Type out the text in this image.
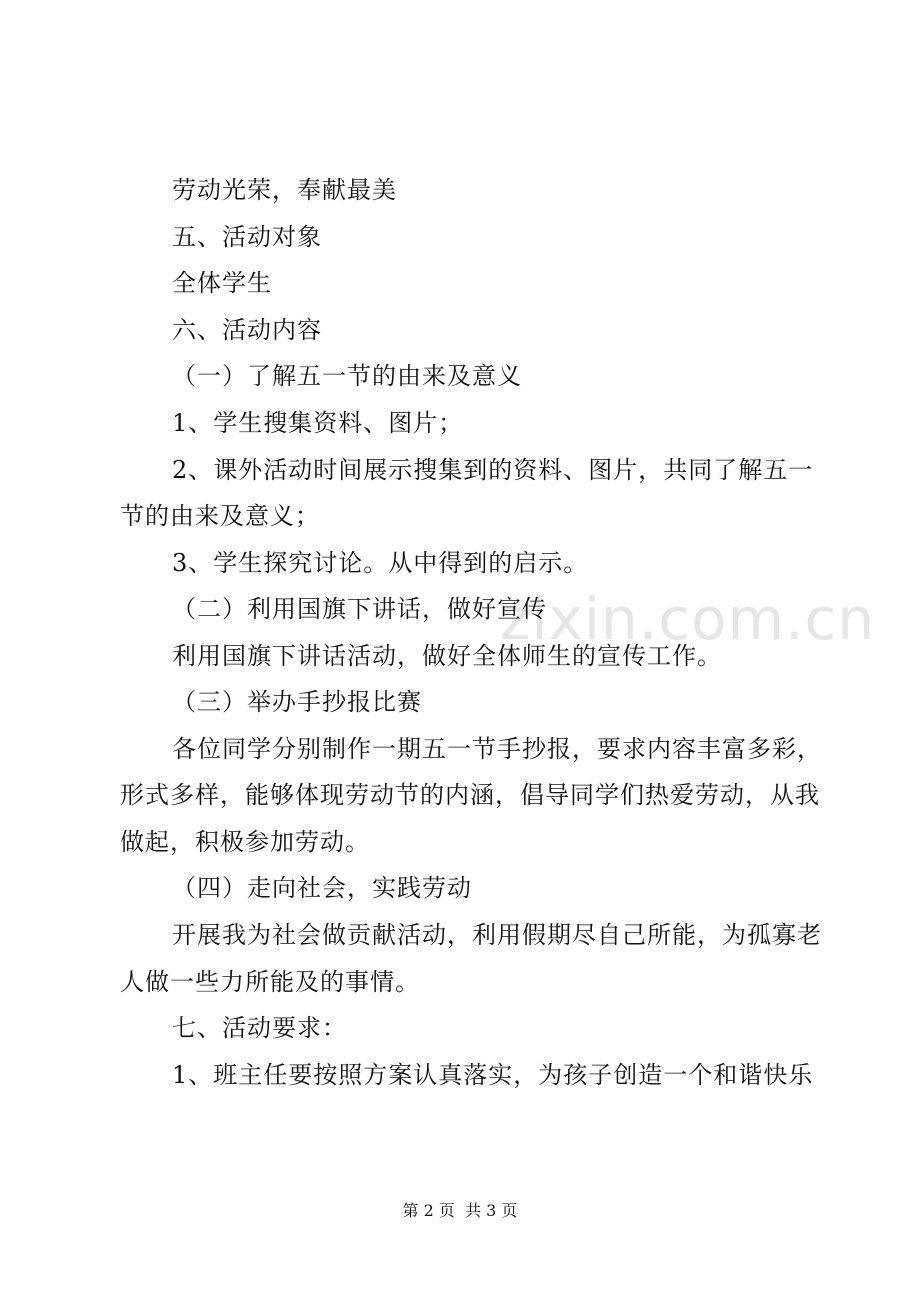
zixin.com.cn
劳动光荣，奉献最美
五、活动对象
全体学生
六、活动内容
（一）了解五一节的由来及意义
1、学生搜集资料、图片；
2、课外活动时间展示搜集到的资料、图片，共同了解五一
节的由来及意义；
3、学生探究讨论。从中得到的启示。
（二）利用国旗下讲话，做好宣传
利用国旗下讲话活动，做好全体师生的宣传工作。
（三）举办手抄报比赛
各位同学分别制作一期五一节手抄报，要求内容丰富多彩，
形式多样，能够体现劳动节的内涵，倡导同学们热爱劳动，从我
做起，积极参加劳动。
（四）走向社会，实践劳动
开展我为社会做贡献活动，利用假期尽自己所能，为孤寡老
人做一些力所能及的事情。
七、活动要求：
1、班主任要按照方案认真落实，为孩子创造一个和谐快乐
第 2 页  共 3 页
